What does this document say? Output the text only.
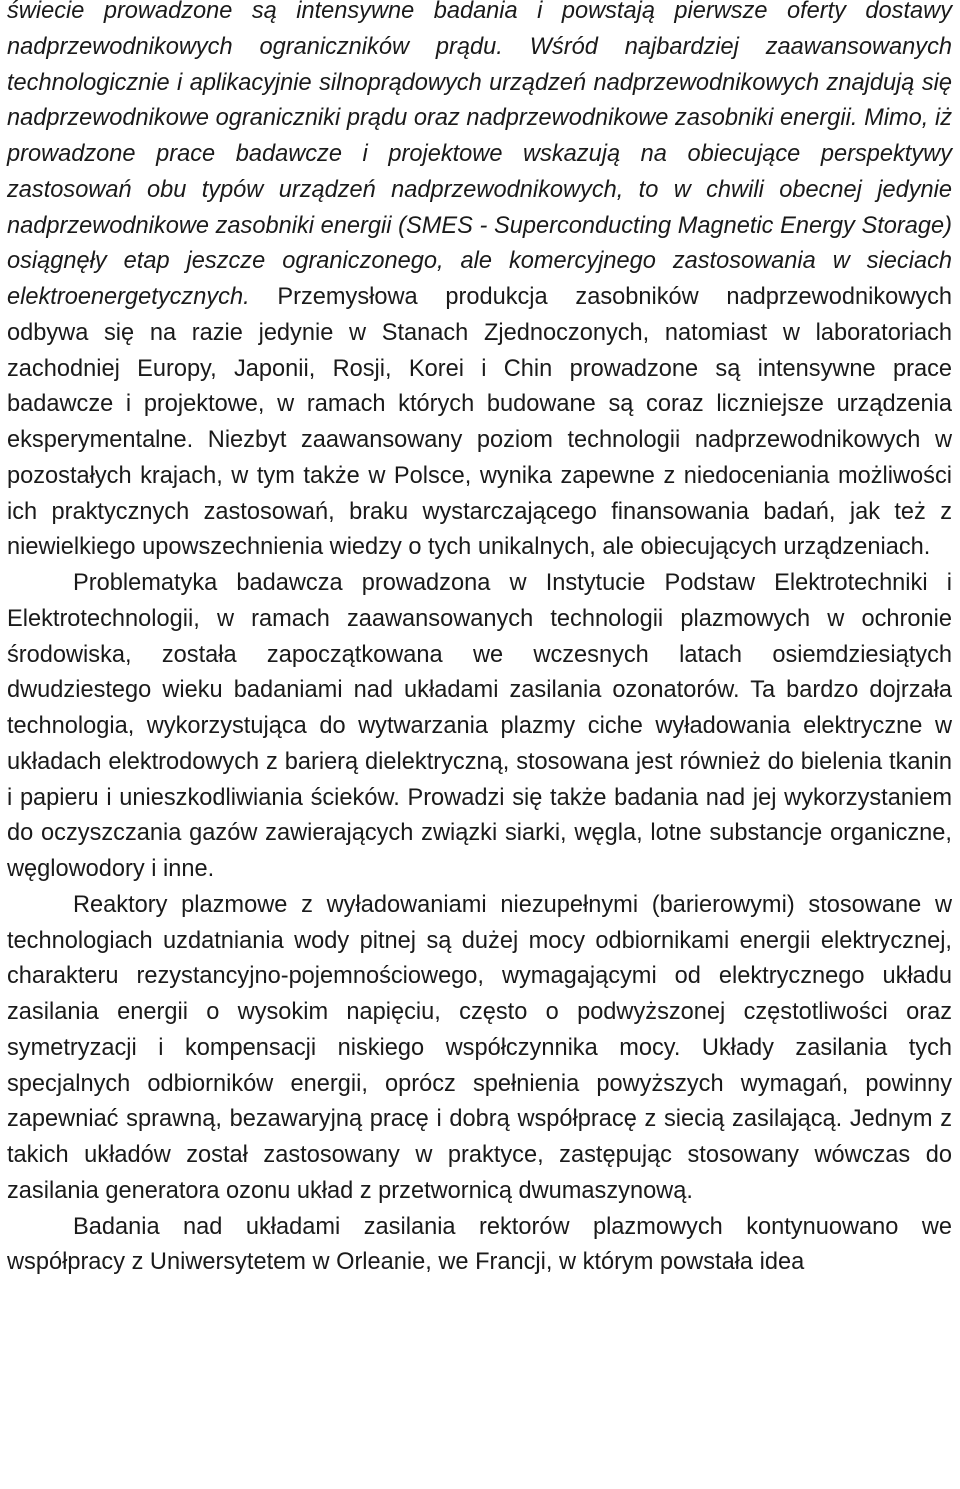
świecie prowadzone są intensywne badania i powstają pierwsze oferty dostawy nadprzewodnikowych ograniczników prądu. Wśród najbardziej zaawansowanych technologicznie i aplikacyjnie silnoprądowych urządzeń nadprzewodnikowych znajdują się nadprzewodnikowe ograniczniki prądu oraz nadprzewodnikowe zasobniki energii. Mimo, iż prowadzone prace badawcze i projektowe wskazują na obiecujące perspektywy zastosowań obu typów urządzeń nadprzewodnikowych, to w chwili obecnej jedynie nadprzewodnikowe zasobniki energii (SMES - Superconducting Magnetic Energy Storage) osiągnęły etap jeszcze ograniczonego, ale komercyjnego zastosowania w sieciach elektroenergetycznych. Przemysłowa produkcja zasobników nadprzewodnikowych odbywa się na razie jedynie w Stanach Zjednoczonych, natomiast w laboratoriach zachodniej Europy, Japonii, Rosji, Korei i Chin prowadzone są intensywne prace badawcze i projektowe, w ramach których budowane są coraz liczniejsze urządzenia eksperymentalne. Niezbyt zaawansowany poziom technologii nadprzewodnikowych w pozostałych krajach, w tym także w Polsce, wynika zapewne z niedoceniania możliwości ich praktycznych zastosowań, braku wystarczającego finansowania badań, jak też z niewielkiego upowszechnienia wiedzy o tych unikalnych, ale obiecujących urządzeniach.

Problematyka badawcza prowadzona w Instytucie Podstaw Elektrotechniki i Elektrotechnologii, w ramach zaawansowanych technologii plazmowych w ochronie środowiska, została zapoczątkowana we wczesnych latach osiemdziesiątych dwudziestego wieku badaniami nad układami zasilania ozonatorów. Ta bardzo dojrzała technologia, wykorzystująca do wytwarzania plazmy ciche wyładowania elektryczne w układach elektrodowych z barierą dielektryczną, stosowana jest również do bielenia tkanin i papieru i unieszkodliwiania ścieków. Prowadzi się także badania nad jej wykorzystaniem do oczyszczania gazów zawierających związki siarki, węgla, lotne substancje organiczne, węglowodory i inne.

Reaktory plazmowe z wyładowaniami niezupełnymi (barierowymi) stosowane w technologiach uzdatniania wody pitnej są dużej mocy odbiornikami energii elektrycznej, charakteru rezystancyjno-pojemnościowego, wymagającymi od elektrycznego układu zasilania energii o wysokim napięciu, często o podwyższonej częstotliwości oraz symetryzacji i kompensacji niskiego współczynnika mocy. Układy zasilania tych specjalnych odbiorników energii, oprócz spełnienia powyższych wymagań, powinny zapewniać sprawną, bezawaryjną pracę i dobrą współpracę z siecią zasilającą. Jednym z takich układów został zastosowany w praktyce, zastępując stosowany wówczas do zasilania generatora ozonu układ z przetwornicą dwumaszynową.

Badania nad układami zasilania rektorów plazmowych kontynuowano we współpracy z Uniwersytetem w Orleanie, we Francji, w którym powstała idea
